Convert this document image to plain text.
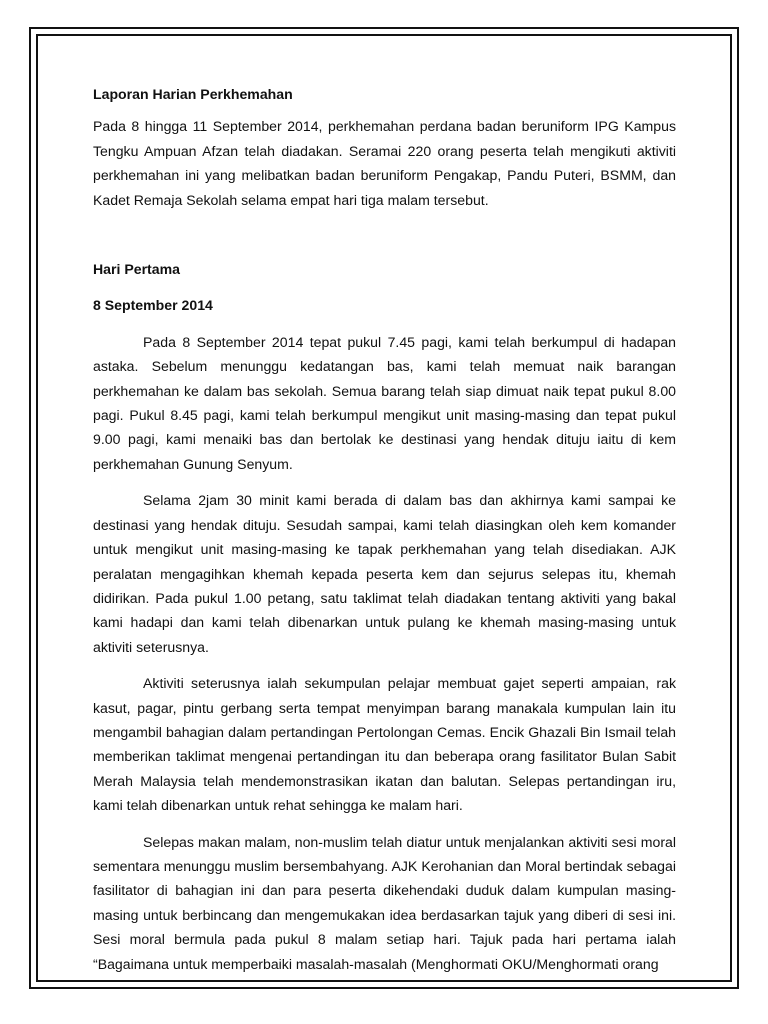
Laporan Harian Perkhemahan

Pada 8 hingga 11 September 2014, perkhemahan perdana badan beruniform IPG Kampus Tengku Ampuan Afzan telah diadakan. Seramai 220 orang peserta telah mengikuti aktiviti perkhemahan ini yang melibatkan badan beruniform Pengakap, Pandu Puteri, BSMM, dan Kadet Remaja Sekolah selama empat hari tiga malam tersebut.

Hari Pertama

8 September 2014

Pada 8 September 2014 tepat pukul 7.45 pagi, kami telah berkumpul di hadapan astaka. Sebelum menunggu kedatangan bas, kami telah memuat naik barangan perkhemahan ke dalam bas sekolah. Semua barang telah siap dimuat naik tepat pukul 8.00 pagi. Pukul 8.45 pagi, kami telah berkumpul mengikut unit masing-masing dan tepat pukul 9.00 pagi, kami menaiki bas dan bertolak ke destinasi yang hendak dituju iaitu di kem perkhemahan Gunung Senyum.

Selama 2jam 30 minit kami berada di dalam bas dan akhirnya kami sampai ke destinasi yang hendak dituju. Sesudah sampai, kami telah diasingkan oleh kem komander untuk mengikut unit masing-masing ke tapak perkhemahan yang telah disediakan. AJK peralatan mengagihkan khemah kepada peserta kem dan sejurus selepas itu, khemah didirikan. Pada pukul 1.00 petang, satu taklimat telah diadakan tentang aktiviti yang bakal kami hadapi dan kami telah dibenarkan untuk pulang ke khemah masing-masing untuk aktiviti seterusnya.

Aktiviti seterusnya ialah sekumpulan pelajar membuat gajet seperti ampaian, rak kasut, pagar, pintu gerbang serta tempat menyimpan barang manakala kumpulan lain itu mengambil bahagian dalam pertandingan Pertolongan Cemas. Encik Ghazali Bin Ismail telah memberikan taklimat mengenai pertandingan itu dan beberapa orang fasilitator Bulan Sabit Merah Malaysia telah mendemonstrasikan ikatan dan balutan. Selepas pertandingan iru, kami telah dibenarkan untuk rehat sehingga ke malam hari.

Selepas makan malam, non-muslim telah diatur untuk menjalankan aktiviti sesi moral sementara menunggu muslim bersembahyang. AJK Kerohanian dan Moral bertindak sebagai fasilitator di bahagian ini dan para peserta dikehendaki duduk dalam kumpulan masing-masing untuk berbincang dan mengemukakan idea berdasarkan tajuk yang diberi di sesi ini. Sesi moral bermula pada pukul 8 malam setiap hari. Tajuk pada hari pertama ialah “Bagaimana untuk memperbaiki masalah-masalah (Menghormati OKU/Menghormati orang
